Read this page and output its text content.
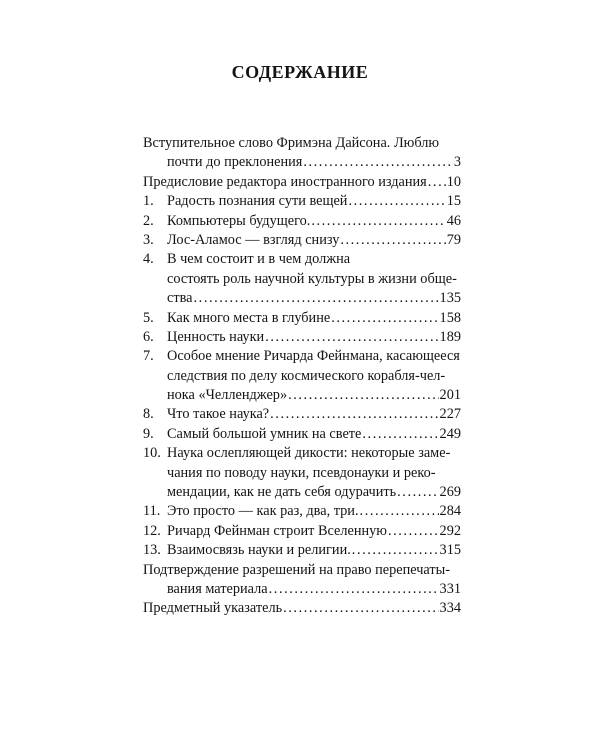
СОДЕРЖАНИЕ
Вступительное слово Фримэна Дайсона. Люблю
почти до преклонения . . .	3
Предисловие редактора иностранного издания . . . 10
1. Радость познания сути вещей . . .	15
2. Компьютеры будущего. . . .	46
3. Лос-Аламос — взгляд снизу . . .	79
4. В чем состоит и в чем должна
состоять роль научной культуры в жизни обще-
ства . . .	135
5. Как много места в глубине . . .	158
6. Ценность науки . . .	189
7. Особое мнение Ричарда Фейнмана, касающееся
следствия по делу космического корабля-чел-
нока «Челленджер» . . .	201
8. Что такое наука? . . .	227
9. Самый большой умник на свете . . .	249
10. Наука ослепляющей дикости: некоторые заме-
чания по поводу науки, псевдонауки и реко-
мендации, как не дать себя одурачить . . .	269
11. Это просто — как раз, два, три. . . .	284
12. Ричард Фейнман строит Вселенную . . .	292
13. Взаимосвязь науки и религии. . . .	315
Подтверждение разрешений на право перепечаты-
вания материала . . .	331
Предметный указатель . . .	334
